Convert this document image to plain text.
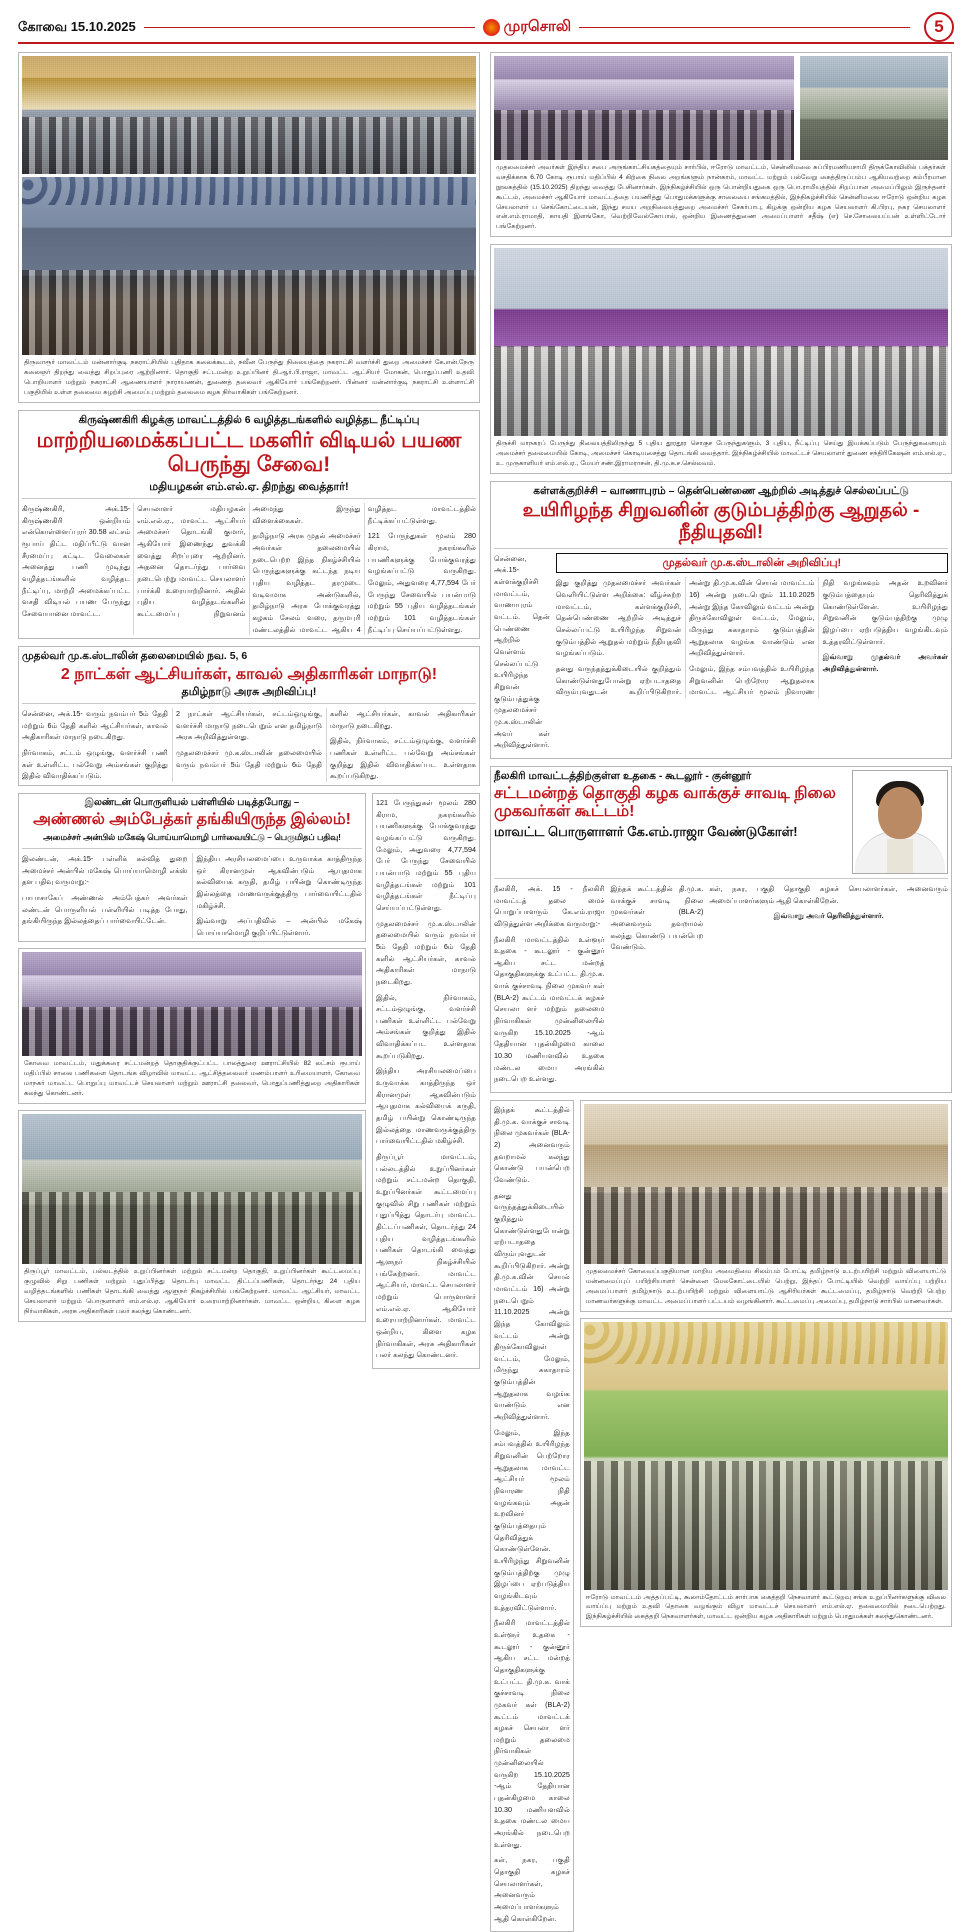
கோவை 15.10.2025	முரசொலி	5
திருவாரூர் மாவட்டம் மன்னார்குடி நகராட்சியில் புதிதாக கலைக்கூடம், நவீன பேருந்து நிலையத்தை நகராட்சி வளர்ச்சி துறை அமைச்சர் கே.என்.நேரு கலைஞர் திறந்து வைத்து சிறப்புரை ஆற்றினார். தொகுதி சட்டமன்ற உறுப்பினர் தி.ஆர்.பி.ராஜா, மாவட்ட ஆட்சியர் மோகன், பொதுப்பணி உதவி பொறியாளர் மற்றும் நகராட்சி ஆணையாளர் நாராயணன், துணைத் தலைவர் ஆகியோர் பங்கேற்றனர். பின்னர் மன்னார்குடி நகராட்சி உள்ளாட்சி பகுதியில் உள்ள தலைமை சுழற்சி அமைப்பு மற்றும் தலைமை கழக நிர்வாகிகள் பங்கேற்றனர்.
கிருஷ்ணகிரி கிழக்கு மாவட்டத்தில் 6 வழித்தடங்களில் வழித்தட நீட்டிப்பு
மாற்றியமைக்கப்பட்ட மகளிர் விடியல் பயண பெருந்து சேவை!
மதியழகன் எம்.எல்.ஏ. திறந்து வைத்தார்!

கிருஷ்ணகிரி, அக்.15- கிருஷ்ணகிரி ஒன்றியம் என்கொள்ளைப்புரர் 30.58 லட்சம் ரூபாய் திட்ட மதிப்பீட்டு வான சீரமைப்பு கட்டிட வேலைகள் அனைத்து பணி முடிந்து வழித்தடங்களில் வழித்தட நீட்டிப்பு, மாற்றி அமைக்கப்பட்ட வசதி விடியல் பயண பேருந்து சேவையானை மாவட்ட.

செயலாளர் மதியழகன் எம்.எல்.ஏ., மாவட்ட ஆட்சியர் அமைச்சர் தொடங்கி குமார், ஆகியோர் இணைந்து துவக்கி வைத்து சிறப்புரை ஆற்றினர். அதனை தொடர்ந்து பார்வை நடைபெற்று மாவட்ட செயலாளர் பார்க்கி உரையாற்றினார். அதில் புதிய வழித்தடங்களில் கூட்டமைப்பு நிறுவனம் அமைந்து இருந்து விளைக்கைகள்.

தமிழ்நாடு அரசு முதல் அமைச்சர் அவர்கள் தலைமையில் நடைபெற்ற இந்த நிகழ்ச்சியில் பெருந்துகளுக்கு கட்டந்த நடிய புதிய வழித்தட தரமுடை வடிவமாக அண்டுகளில், தமிழ்நாடு அரசு போக்குவரத்து கழகம் சேலம் வரை, தருமபுரி மண்டலத்தில் மாவட்ட ஆகிய 4 வழித்தட மாவட்டத்தில் நீட்டிக்கப்பட்டுள்ளது.

121 பேருந்துகள் மூலம் 280 கிராம, நகரங்களில் பயணிகளுக்கு போக்குவரத்து வழங்கப்பட்டு வருகிறது. மேலும், அதுவரை 4,77,594 பேர் பேருந்து சேவையில் பயன்பாடு மற்றும் 55 புதிய வழித்தடங்கள் மற்றும் 101 வழித்தடங்கள் நீட்டிப்பு செய்யப்பட்டுள்ளது.

முதல்வர் மு.க.ஸ்டாலின் தலைமையில் நவ. 5, 6
2 நாட்கள் ஆட்சியர்கள், காவல் அதிகாரிகள் மாநாடு!
தமிழ்நாடு அரசு அறிவிப்பு!

சென்னை, அக்.15- வரும் நவம்பர் 5ம் தேதி மற்றும் 6ம் தேதி களில் ஆட்சியர்கள், காவல் அதிகாரிகள் மாநாடு நடைகிறது.

நிர்வாகம், சட்டம் ஒழுங்கு, வளர்ச்சி பணி கள் உள்ளிட்ட பல்வேறு அம்சங்கள் குறித்து இதில் விவாதிக்கப்படும்.

2 நாட்கள் ஆட்சியர்கள், சட்டம்ஒழுங்கு, வளர்ச்சி மாநாடு நடைபெறும் என தமிழ்நாடு அரசு அறிவித்துள்ளது.

முதலமைச்சர் மு.க.ஸ்டாலின் தலைமையில் வரும் நவம்பர் 5ம் தேதி மற்றும் 6ம் தேதி களில் ஆட்சியர்கள், காவல் அதிகாரிகள் மாநாடு நடைகிறது.

இதில், நிர்வாகம், சட்டம்ஒழுங்கு, வளர்ச்சி பணிகள் உள்ளிட்ட பல்வேறு அம்சங்கள் குறித்து இதில் விவாதிக்கப்பட உள்ளதாக கூறப்படுகிறது.

இலண்டன் பொருளியல் பள்ளியில் படித்தபோது –
அண்ணல் அம்பேத்கர் தங்கியிருந்த இல்லம்!
அமைச்சர் அன்பில் மகேஷ் பொய்யாமொழி பார்வையிட்டு – பெருமிதப் பதிவு!

இலண்டன், அக்.15- பள்ளிக் கல்வித் துறை அமைச்சர் அன்பில் மகேஷ் பொய்யாமொழி எக்ஸ் தள பதிவு வருமாறு:-

பாபாசாகேப் அண்ணல் அம்பேத்கர் அவர்கள் லண்டன் பொருளியல் பள்ளியில் படித்த போது, தங்கியிருந்த இல்லத்தைப் பார்வையிட்டேன்.

இந்திய அரசியலமைப்பை உருவாக்க காத்திருந்த ஒர் கிரானமுள் ஆகவின்படும் ஆயுதமாக கல்வியைக் கருதி, தமிழ் பயின்று கொண்டிருந்த இல்லத்தை மாணவருக்குத்திரு பார்வையிட்டதில் மகிழ்ச்சி.

இவ்வாறு அப்பதிவில் – அன்பில் மகேஷ் பொய்யாமொழி குறிப்பிட்டுள்ளார்.

கோவை மாவட்டம், மதுக்கரை சட்டமன்றத் தொகுதிக்குட்பட்ட பாலத்துரை ஊராட்சியில் 82 லட்சம் ரூபாய் மதிப்பில் சாலை பணிகளை தொடங்க விழாவில் மாவட்ட ஆட்சித்தலைவர் மணம்பாளர் உரிமையாளர், கோவை மாநகர் மாவட்ட பொறுப்பு மாவட்டச் செயலாளர் மற்றும் ஊராட்சி தலைவர், பொதுப்பணித்துறை அதிகாரிகள் கலந்து கொண்டனர்.
திருப்பூர் மாவட்டம், பல்லடத்தில் உறுப்பினர்கள் மற்றும் சட்டமன்ற தொகுதி, உறுப்பினர்கள் கூட்டமைப்பு குழுவில் சிறு பணிகள் மற்றும் புதுப்பித்து தொடர்பு மாவட்ட திட்டப்பணிகள், தொடர்ந்து 24 புதிய வழித்தடங்களில் பணிகள் தொடங்கி வைத்து ஆளுநர் நிகழ்ச்சியில் பங்கேற்றனர். மாவட்ட ஆட்சியர், மாவட்ட செயலாளர் மற்றும் பொருளாளர் எம்.எல்.ஏ. ஆகியோர் உரையாற்றினார்கள். மாவட்ட ஒன்றிய, கிளை கழக நிர்வாகிகள், அரசு அதிகாரிகள் பலர் கலந்து கொண்டனர்.

121 பேருந்துகள் மூலம் 280 கிராம, நகரங்களில் பயணிகளுக்கு போக்குவரத்து வழங்கப்பட்டு வருகிறது. மேலும், அதுவரை 4,77,594 பேர் பேருந்து சேவையில் பயன்பாடு மற்றும் 55 புதிய வழித்தடங்கள் மற்றும் 101 வழித்தடங்கள் நீட்டிப்பு செய்யப்பட்டுள்ளது.

முதலமைச்சர் மு.க.ஸ்டாலின் தலைமையில் வரும் நவம்பர் 5ம் தேதி மற்றும் 6ம் தேதி களில் ஆட்சியர்கள், காவல் அதிகாரிகள் மாநாடு நடைகிறது.

இதில், நிர்வாகம், சட்டம்ஒழுங்கு, வளர்ச்சி பணிகள் உள்ளிட்ட பல்வேறு அம்சங்கள் குறித்து இதில் விவாதிக்கப்பட உள்ளதாக கூறப்படுகிறது.

இந்திய அரசியலமைப்பை உருவாக்க காத்திருந்த ஒர் கிரானமுள் ஆகவின்படும் ஆயுதமாக கல்வியைக் கருதி, தமிழ் பயின்று கொண்டிருந்த இல்லத்தை மாணவருக்குத்திரு பார்வையிட்டதில் மகிழ்ச்சி.

திருப்பூர் மாவட்டம், பல்லடத்தில் உறுப்பினர்கள் மற்றும் சட்டமன்ற தொகுதி, உறுப்பினர்கள் கூட்டமைப்பு குழுவில் சிறு பணிகள் மற்றும் புதுப்பித்து தொடர்பு மாவட்ட திட்டப்பணிகள், தொடர்ந்து 24 புதிய வழித்தடங்களில் பணிகள் தொடங்கி வைத்து ஆளுநர் நிகழ்ச்சியில் பங்கேற்றனர். மாவட்ட ஆட்சியர், மாவட்ட செயலாளர் மற்றும் பொருளாளர் எம்.எல்.ஏ. ஆகியோர் உரையாற்றினார்கள். மாவட்ட ஒன்றிய, கிளை கழக நிர்வாகிகள், அரசு அதிகாரிகள் பலர் கலந்து கொண்டனர்.

முதலமைச்சர் அவர்கள் இந்திய சபை அருங்காட்சியகத்தையும் சார்பில், ஈரோடு மாவட்டம், சென்னிமலை சுப்பிரமணியசாமி திருக்கோவிலில் பக்தர்கள் வசதிக்காக 6.70 கோடி ரூபாய் மதிப்பில் 4 கிற்கை நிலை அறங்களும் நான்காம், மாவட்ட மற்றும் பல்வேறு கைத்திருப்பம்ப ஆகியவற்றை கம்பீரமான நூலகத்தில் (15.10.2025) திறந்து வைத்து பேசினார்கள். இந்நிகழ்ச்சியில் ஒரு பொன்றியதுகை ஒரு பொ.ராமியத்தில் சிறப்பான அமைப்பிலும் இருந்தனர் கூட்டம், அமைச்சர் ஆகியோர் மாவட்டத்தை பயணித்து பொதுமக்களுக்கு சாலையை சங்கமத்தில், இந்நிகழ்ச்சியில் சென்னிமலை ஈரோடு ஒன்றிய கழக செயலாளர் ப செங்கோட்டையன், இந்து சமய அறநிலையத்துறை அமைச்சர் சேகர்பாபு, கிழக்கு ஒன்றிய கழக செயலாளர் கி.பிரபு, நகர செயலாளர் என்.எம்.ராமாதி, காயதி இளங்கோ, வெற்றிவேல்கோபால், ஒன்றிய இணைத்துணை அமைப்பாளர் சதீஷ் (எ) செ.சோலையப்பன் உள்ளிட்டோர் பங்கேற்றனர்.
திருச்சி மாநகரப் பேருந்து நிலையத்திலிருந்து 5 புதிய தூரதூர சொகுச பேருந்துகளும், 3 புதிய, நீட்டிப்பு செய்து இயக்கப்படும் பேருந்துகளையும் அமைச்சர் தலைமையில் கோடி, அமைச்சர் கொடியசைத்து தொடங்கி வைத்தார். இந்நிகழ்ச்சியில் மாவட்டச் செயலாளர் துணை சந்திரிகேஷன் எம்.எல்.ஏ., உ. முருகாளியர் எம்.எல்.ஏ., மேயர் சண்.இராமராசன், தி.மு.க.ச.செல்லவம்.
கள்ளக்குறிச்சி – வாணாபுரம் – தென்பெண்ணை ஆற்றில் அடித்துச் செல்லப்பட்டு
உயிரிழந்த சிறுவனின் குடும்பத்திற்கு ஆறுதல் - நீதியுதவி!

சென்னை, அக்.15- கள்ளக்குறிச்சி மாவட்டம், வாணாபுரம் வட்டம். தென் பெண்ணை ஆற்றில் வெள்ளம் செல்லப்பட்டு உயிரிழந்த சிறுவன் குடும்பத்துக்கு முதலமைச்சர் மு.க.ஸ்டாலின் அவர் கள் அறிவித்துள்ளார்.

முதல்வர் மு.க.ஸ்டாலின் அறிவிப்பு!

இது குறித்து முதலமைச்சர் அவர்கள் வெளியிட்டுள்ள அறிக்கை: வீழ்ச்சுற்ற மாவட்டம், கள்ளக்குறிச்சி, தென்பெண்ணை ஆற்றில் அடித்துச் செல்லப்பட்டு உயிரிழந்த சிறுவன் குடும்பத்தில் ஆறுதல் மற்றும் நீதியுதவி வழங்கப்படும்.

தனது வருந்தத்துக்கிடையில் குறித்தும் கொண்டுள்ளதுபோன்று ஏற்படாததை விரும்புவதுடன் கூறிப்பிடுகிறார். அன்று தி.மு.க.வின் செயல் மாவட்டம் 16) அன்று நடைபெறும் 11.10.2025 அன்று இந்த கோவிலும் வட்டம் அன்று திருக்கோவிலுள் வட்டம், மேலும், மிருந்து சுகாதாரம் குடும்பத்தின் ஆறுதலாக வழங்க வாண்டும் என அறிவித்துள்ளார்.

மேலும், இந்த சம்பவத்தில் உயிரிழந்த சிறுவனின் பெற்றோர ஆறுதலாக மாவட்ட ஆட்சியர் மூலம் நிவாரண நிதி வழங்கவும் அதன் உறவினர் குடும்பத்தையும் தெரிவித்துக் கொண்டுள்ளேன். உயிரிழந்து சிறுவனின் குடும்பத்திற்கு முழு இழப்பை ஏற்படுத்திய வழங்கிடவும் உத்தரவிட்டுள்ளார்.

இவ்வாறு முதல்வர் அவர்கள் அறிவித்துள்ளார்.

நீலகிரி மாவட்டத்திற்குள்ள உதகை - கூடலூர் - குன்னூர்
சட்டமன்றத் தொகுதி கழக வாக்குச் சாவடி நிலை முகவர்கள் கூட்டம்!
மாவட்ட பொருளாளர் கே.எம்.ராஜா வேண்டுகோள்!

நீலகிரி, அக். 15 - நீலகிரி மாவட்டத் தலை மைச் பொறுப்பாளரும் கே.எம்.ராஜா விடுத்துள்ள அறிக்கை வருமாறு:-

நீலகிரி மாவட்டத்தில் உள்ளூர் உதகை - கூடலூர் - குன்னூர் ஆகிய சட்ட மன்றத் தொகுதிகளுக்கு உட்பட்ட தி.மு.க. வாக் குச்சாவடி நிலை முகவர் கள் (BLA-2) கூட்டம் மாவட்டக் கழகச் செயலா ளர் மற்றும் தலைமை நிர்வாகிகள் முன்னிலையில் வருகிற 15.10.2025 -ஆம் தேதியான புதன்கிழமை காலை 10.30 மணியளவில் உதகை மண்டல மைய அரங்கில் நடைபெற உள்ளது.

இந்தக் கூட்டத்தில் தி.மு.க. வாக்குச் சாவடி நிலை முகவர்கள் (BLA-2) அனைவரும் தவறாமல் கலந்து கொண்டு பயன்பெற வேண்டும்.

கள், நகர, பகுதி தொகுதி கழகச் செயலாளர்கள், அனைவரும் அமைப்பாளர்களும் ஆதி கொள்கிறேன்.

இவ்வாறு அவர் தெரிவித்துள்ளார்.

இந்தக் கூட்டத்தில் தி.மு.க. வாக்குச் சாவடி நிலை முகவர்கள் (BLA-2) அனைவரும் தவறாமல் கலந்து கொண்டு பயன்பெற வேண்டும்.

தனது வருந்தத்துக்கிடையில் குறித்தும் கொண்டுள்ளதுபோன்று ஏற்படாததை விரும்புவதுடன் கூறிப்பிடுகிறார். அன்று தி.மு.க.வின் செயல் மாவட்டம் 16) அன்று நடைபெறும் 11.10.2025 அன்று இந்த கோவிலும் வட்டம் அன்று திருக்கோவிலுள் வட்டம், மேலும், மிருந்து சுகாதாரம் குடும்பத்தின் ஆறுதலாக வழங்க வாண்டும் என அறிவித்துள்ளார்.

மேலும், இந்த சம்பவத்தில் உயிரிழந்த சிறுவனின் பெற்றோர ஆறுதலாக மாவட்ட ஆட்சியர் மூலம் நிவாரண நிதி வழங்கவும் அதன் உறவினர் குடும்பத்தையும் தெரிவித்துக் கொண்டுள்ளேன். உயிரிழந்து சிறுவனின் குடும்பத்திற்கு முழு இழப்பை ஏற்படுத்திய வழங்கிடவும் உத்தரவிட்டுள்ளார்.

நீலகிரி மாவட்டத்தில் உள்ளூர் உதகை - கூடலூர் - குன்னூர் ஆகிய சட்ட மன்றத் தொகுதிகளுக்கு உட்பட்ட தி.மு.க. வாக் குச்சாவடி நிலை முகவர் கள் (BLA-2) கூட்டம் மாவட்டக் கழகச் செயலா ளர் மற்றும் தலைமை நிர்வாகிகள் முன்னிலையில் வருகிற 15.10.2025 -ஆம் தேதியான புதன்கிழமை காலை 10.30 மணியளவில் உதகை மண்டல மைய அரங்கில் நடைபெற உள்ளது.

கள், நகர, பகுதி தொகுதி கழகச் செயலாளர்கள், அனைவரும் அமைப்பாளர்களும் ஆதி கொள்கிறேன்.

முதலமைச்சர் கோவைப்பகுதியான மாறிய அமைதிமை சிலம்பம் போட்டி தமிழ்நாடு உடற்பயிற்சி மற்றும் விளையாட்டு மன்னமைப்புப் பயிற்சியாளர் சென்னை மேலகோட்டையில் பெற்று, இந்தப் போட்டியில் வெற்றி வாய்ப்பு பற்றிய அமைப்பாளர் தமிழ்நாடு உடற்பயிற்சி மற்றும் விளையாட்டு ஆசிரியர்கள் கூட்டமைப்பு, தமிழ்நாடு வெற்றி பெற்ற மாணவர்களுக்கு மாவட்ட அமைப்பாளர் பட்டயம் வழங்கினார். கூட்டமைப்பு அமைப்பு, தமிழ்நாடு சார்பில் மாணவர்கள்.
ஈரோடு மாவட்டம் அத்தப்பட்டி, கூலாம்தோட்டம் சார்பாக கைத்தறி நெசவாளர் கூட்டுறவு சங்க உறுப்பினர்களுக்கு விலை வாய்ப்பு மற்றும் உதவி தொகை வழங்கும் விழா மாவட்டச் செயலாளர் எம்.எல்.ஏ. தலைமையில் நடைபெற்றது. இந்நிகழ்ச்சியில் கைத்தறி நெசவாளர்கள், மாவட்ட ஒன்றிய கழக அதிகாரிகள் மற்றும் பொதுமக்கள் கலந்துகொண்டனர்.
